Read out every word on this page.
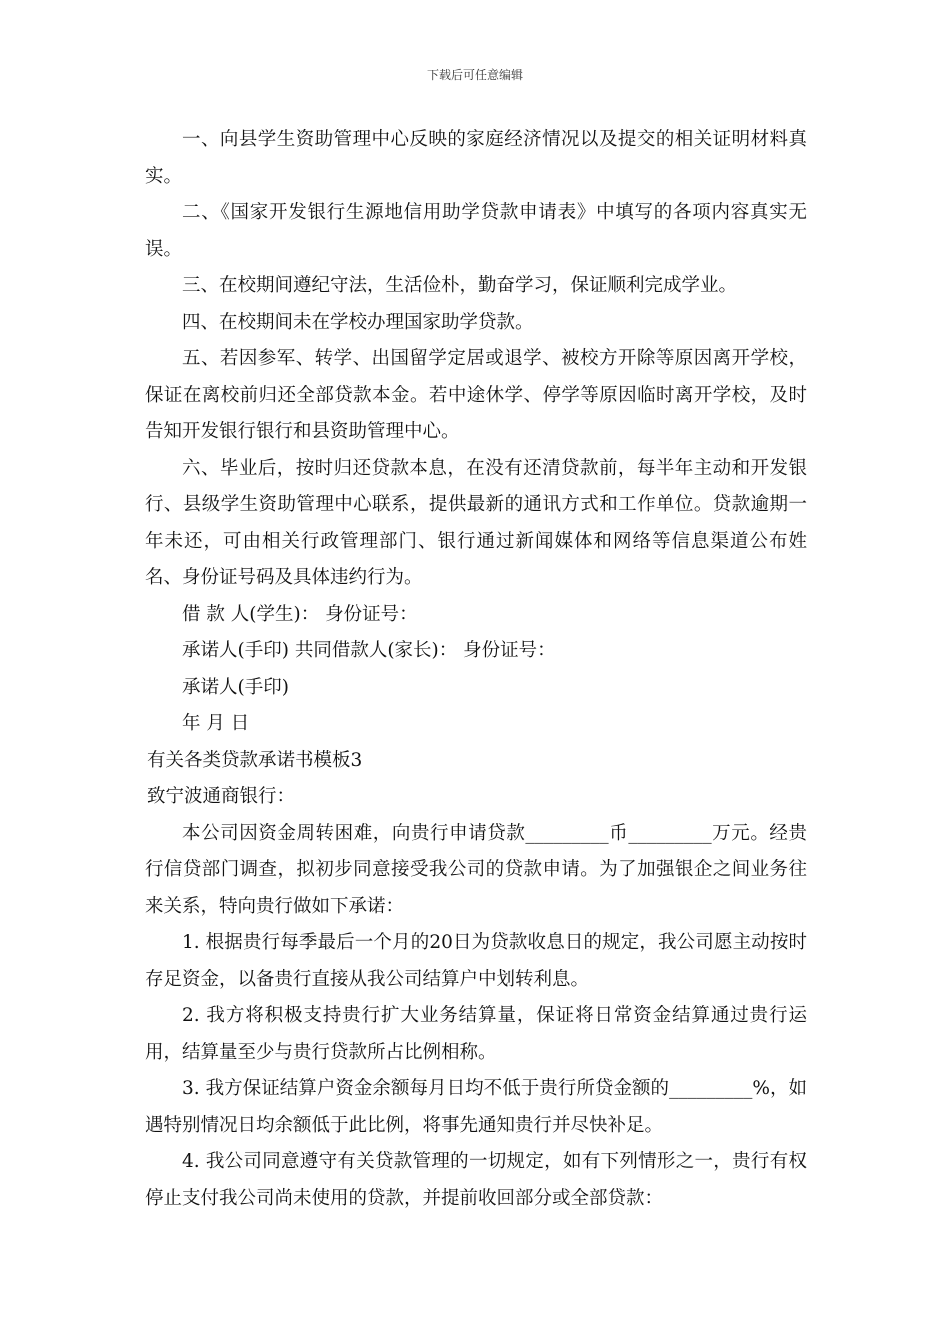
下载后可任意编辑

一、向县学生资助管理中心反映的家庭经济情况以及提交的相关证明材料真实。

二、《国家开发银行生源地信用助学贷款申请表》中填写的各项内容真实无误。

三、在校期间遵纪守法，生活俭朴，勤奋学习，保证顺利完成学业。

四、在校期间未在学校办理国家助学贷款。

五、若因参军、转学、出国留学定居或退学、被校方开除等原因离开学校，保证在离校前归还全部贷款本金。若中途休学、停学等原因临时离开学校，及时告知开发银行银行和县资助管理中心。

六、毕业后，按时归还贷款本息，在没有还清贷款前，每半年主动和开发银行、县级学生资助管理中心联系，提供最新的通讯方式和工作单位。贷款逾期一年未还，可由相关行政管理部门、银行通过新闻媒体和网络等信息渠道公布姓名、身份证号码及具体违约行为。

借 款 人(学生)： 身份证号：

承诺人(手印) 共同借款人(家长)： 身份证号：

承诺人(手印)

年 月 日

有关各类贷款承诺书模板3

致宁波通商银行：

本公司因资金周转困难，向贵行申请贷款_________币_________万元。经贵行信贷部门调查，拟初步同意接受我公司的贷款申请。为了加强银企之间业务往来关系，特向贵行做如下承诺：

1. 根据贵行每季最后一个月的20日为贷款收息日的规定，我公司愿主动按时存足资金，以备贵行直接从我公司结算户中划转利息。

2. 我方将积极支持贵行扩大业务结算量，保证将日常资金结算通过贵行运用，结算量至少与贵行贷款所占比例相称。

3. 我方保证结算户资金余额每月日均不低于贵行所贷金额的_________%，如遇特别情况日均余额低于此比例，将事先通知贵行并尽快补足。

4. 我公司同意遵守有关贷款管理的一切规定，如有下列情形之一，贵行有权停止支付我公司尚未使用的贷款，并提前收回部分或全部贷款：
